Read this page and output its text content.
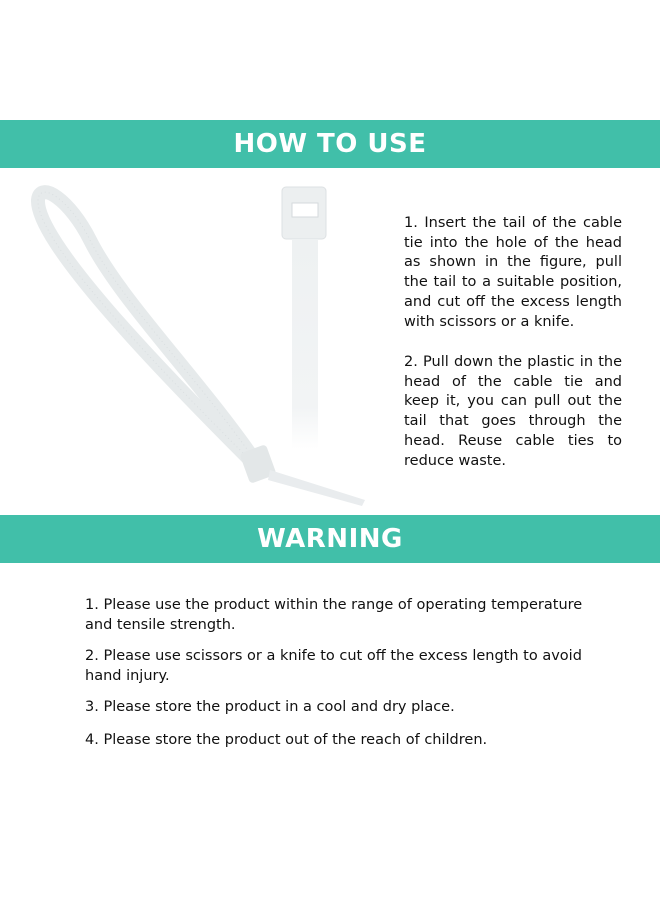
HOW TO USE

1. Insert the tail of the cable tie into the hole of the head as shown in the figure, pull the tail to a suitable position, and cut off the excess length with scissors or a knife.

2. Pull down the plastic in the head of the cable tie and keep it, you can pull out the tail that goes through the head. Reuse cable ties to reduce waste.

WARNING

1. Please use the product within the range of operating temperature and tensile strength.

2. Please use scissors or a knife to cut off the excess length to avoid hand injury.

3. Please store the product in a cool and dry place.

4. Please store the product out of the reach of children.
